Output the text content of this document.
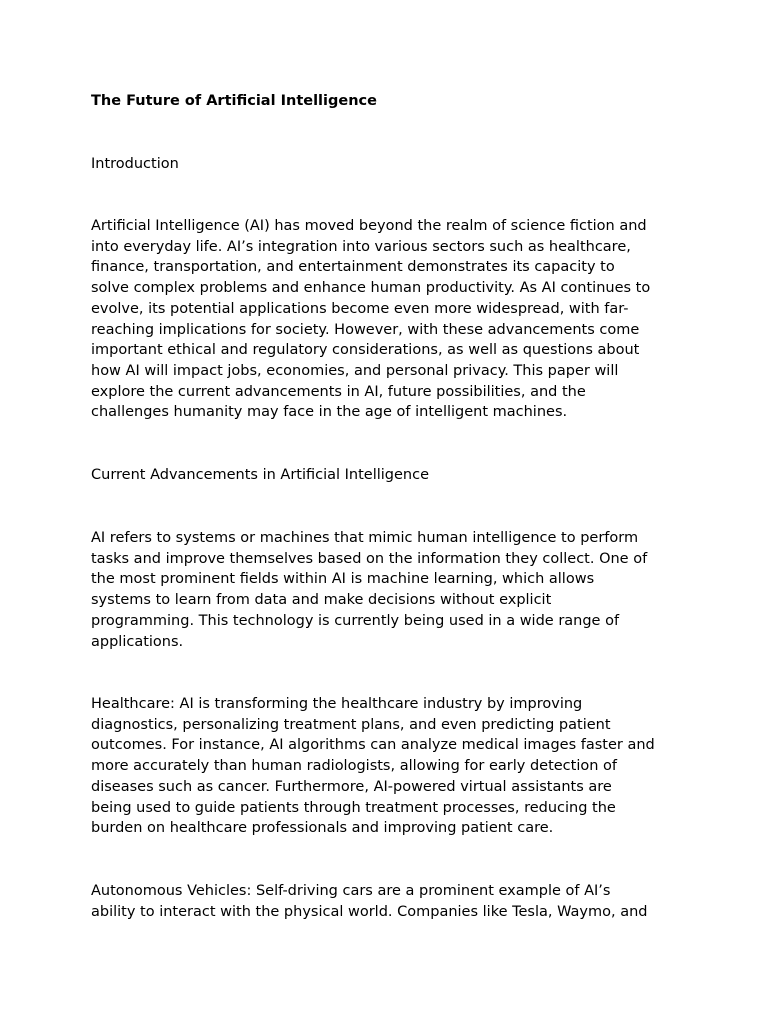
The Future of Artificial Intelligence
Introduction

Artificial Intelligence (AI) has moved beyond the realm of science fiction and
into everyday life. AI’s integration into various sectors such as healthcare,
finance, transportation, and entertainment demonstrates its capacity to
solve complex problems and enhance human productivity. As AI continues to
evolve, its potential applications become even more widespread, with far-
reaching implications for society. However, with these advancements come
important ethical and regulatory considerations, as well as questions about
how AI will impact jobs, economies, and personal privacy. This paper will
explore the current advancements in AI, future possibilities, and the
challenges humanity may face in the age of intelligent machines.

Current Advancements in Artificial Intelligence

AI refers to systems or machines that mimic human intelligence to perform
tasks and improve themselves based on the information they collect. One of
the most prominent fields within AI is machine learning, which allows
systems to learn from data and make decisions without explicit
programming. This technology is currently being used in a wide range of
applications.

Healthcare: AI is transforming the healthcare industry by improving
diagnostics, personalizing treatment plans, and even predicting patient
outcomes. For instance, AI algorithms can analyze medical images faster and
more accurately than human radiologists, allowing for early detection of
diseases such as cancer. Furthermore, AI-powered virtual assistants are
being used to guide patients through treatment processes, reducing the
burden on healthcare professionals and improving patient care.

Autonomous Vehicles: Self-driving cars are a prominent example of AI’s
ability to interact with the physical world. Companies like Tesla, Waymo, and
